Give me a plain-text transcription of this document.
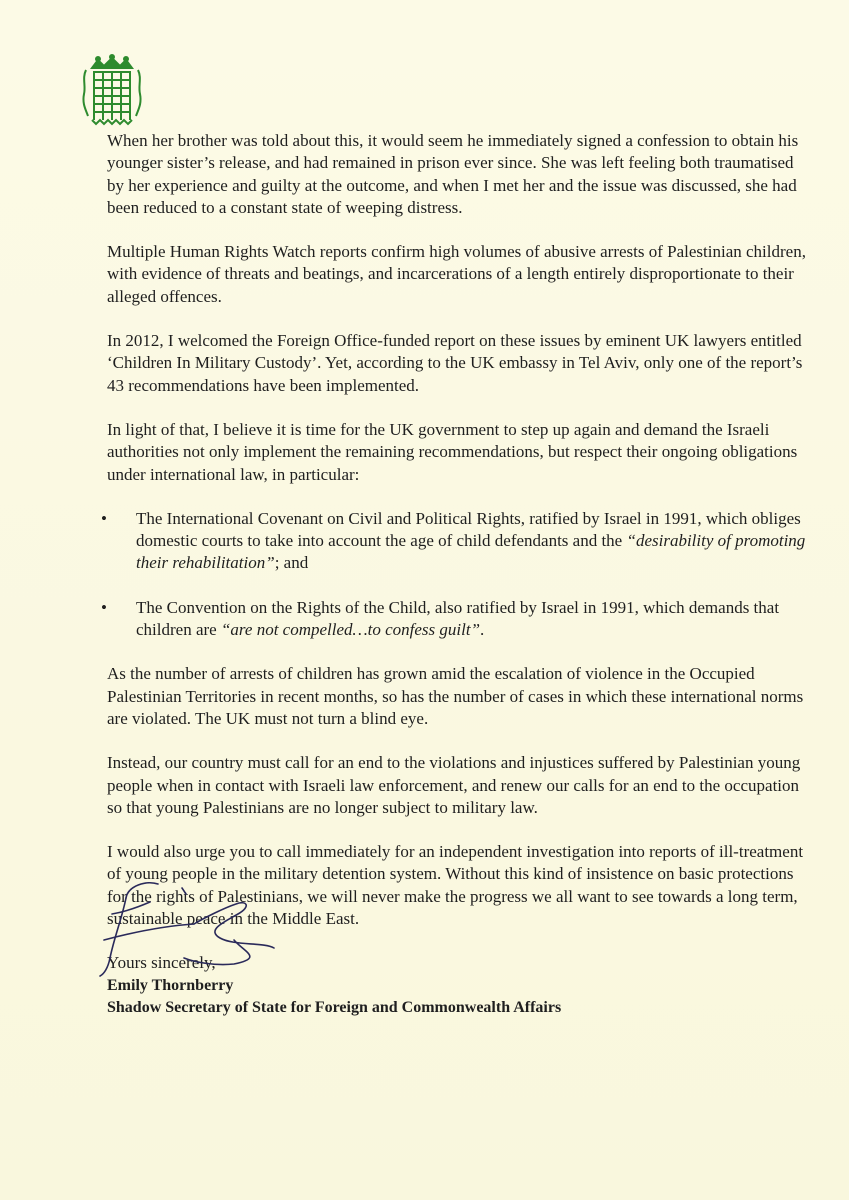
When her brother was told about this, it would seem he immediately signed a confession to obtain his younger sister’s release, and had remained in prison ever since. She was left feeling both traumatised by her experience and guilty at the outcome, and when I met her and the issue was discussed, she had been reduced to a constant state of weeping distress.

Multiple Human Rights Watch reports confirm high volumes of abusive arrests of Palestinian children, with evidence of threats and beatings, and incarcerations of a length entirely disproportionate to their alleged offences.

In 2012, I welcomed the Foreign Office-funded report on these issues by eminent UK lawyers entitled ‘Children In Military Custody’. Yet, according to the UK embassy in Tel Aviv, only one of the report’s 43 recommendations have been implemented.

In light of that, I believe it is time for the UK government to step up again and demand the Israeli authorities not only implement the remaining recommendations, but respect their ongoing obligations under international law, in particular:

• The International Covenant on Civil and Political Rights, ratified by Israel in 1991, which obliges domestic courts to take into account the age of child defendants and the “desirability of promoting their rehabilitation”; and
• The Convention on the Rights of the Child, also ratified by Israel in 1991, which demands that children are “are not compelled…to confess guilt”.

As the number of arrests of children has grown amid the escalation of violence in the Occupied Palestinian Territories in recent months, so has the number of cases in which these international norms are violated. The UK must not turn a blind eye.

Instead, our country must call for an end to the violations and injustices suffered by Palestinian young people when in contact with Israeli law enforcement, and renew our calls for an end to the occupation so that young Palestinians are no longer subject to military law.

I would also urge you to call immediately for an independent investigation into reports of ill-treatment of young people in the military detention system. Without this kind of insistence on basic protections for the rights of Palestinians, we will never make the progress we all want to see towards a long term, sustainable peace in the Middle East.

Yours sincerely,

Emily Thornberry
Shadow Secretary of State for Foreign and Commonwealth Affairs
